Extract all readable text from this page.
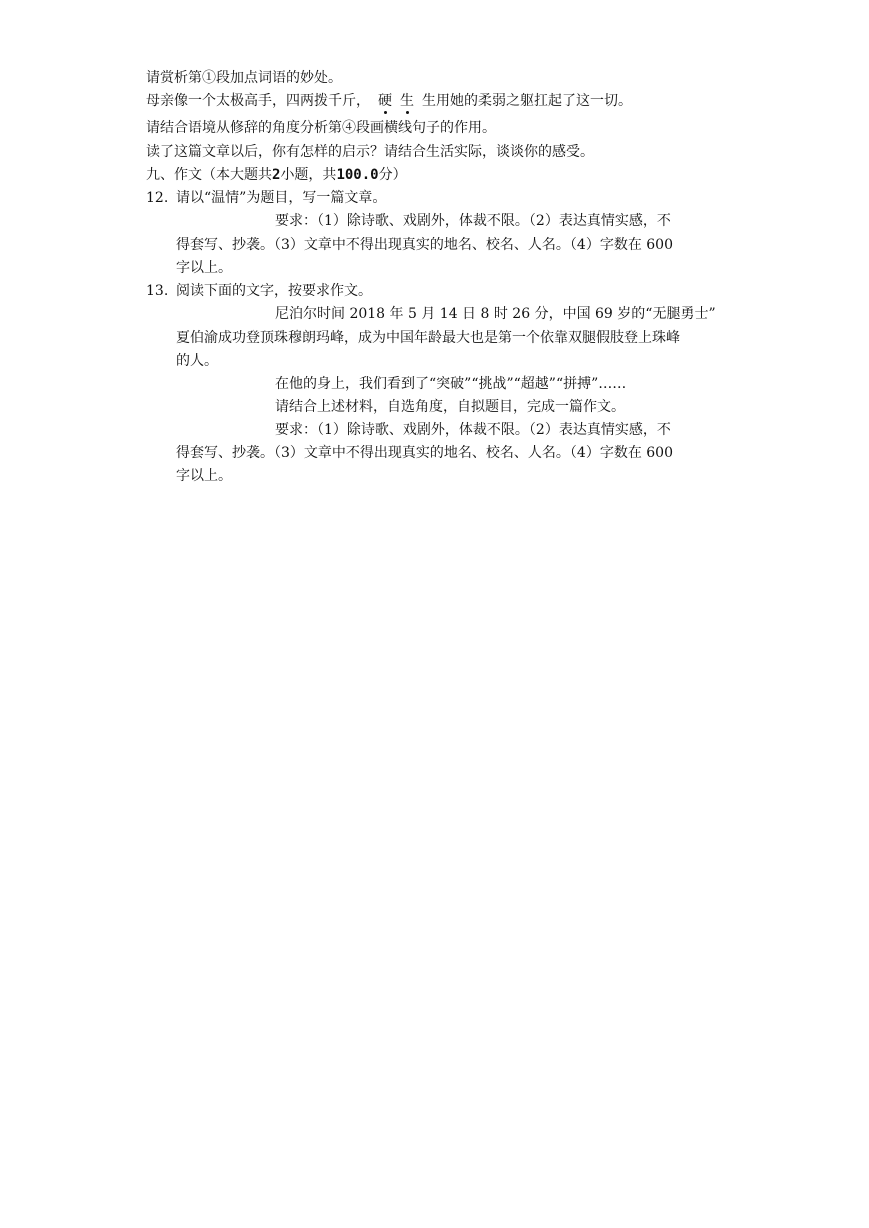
请赏析第①段加点词语的妙处。
母亲像一个太极高手，四两拨千斤， 硬 生 生用她的柔弱之躯扛起了这一切。
请结合语境从修辞的角度分析第④段画横线句子的作用。
读了这篇文章以后，你有怎样的启示？请结合生活实际，谈谈你的感受。
九、作文（本大题共2小题，共100.0分）
12. 请以“温情”为题目，写一篇文章。
要求：（1）除诗歌、戏剧外，体裁不限。（2）表达真情实感，不
得套写、抄袭。（3）文章中不得出现真实的地名、校名、人名。（4）字数在 600
字以上。
13. 阅读下面的文字，按要求作文。
尼泊尔时间 2018 年 5 月 14 日 8 时 26 分，中国 69 岁的“无腿勇士”
夏伯渝成功登顶珠穆朗玛峰，成为中国年龄最大也是第一个依靠双腿假肢登上珠峰
的人。
在他的身上，我们看到了“突破”“挑战”“超越”“拼搏”……
请结合上述材料，自选角度，自拟题目，完成一篇作文。
要求：（1）除诗歌、戏剧外，体裁不限。（2）表达真情实感，不
得套写、抄袭。（3）文章中不得出现真实的地名、校名、人名。（4）字数在 600
字以上。
